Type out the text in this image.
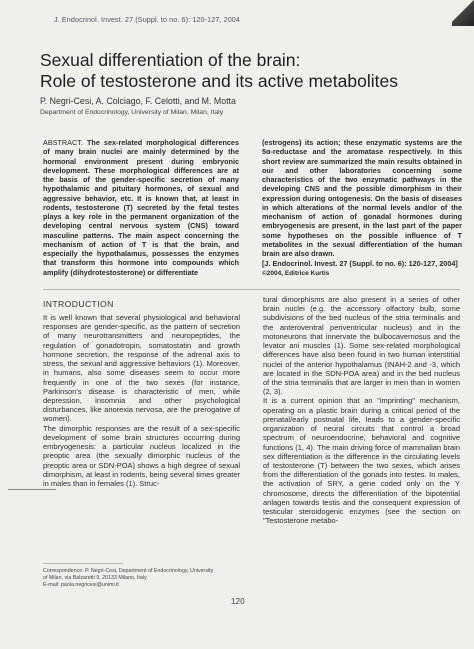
J. Endocrinol. Invest. 27 (Suppl. to no. 6): 120-127, 2004
Sexual differentiation of the brain:
Role of testosterone and its active metabolites
P. Negri-Cesi, A. Colciago, F. Celotti, and M. Motta
Department of Endocrinology, University of Milan, Milan, Italy
ABSTRACT. The sex-related morphological differences of many brain nuclei are mainly determined by the hormonal environment present during embryonic development. These morphological differences are at the basis of the gender-specific secretion of many hypothalamic and pituitary hormones, of sexual and aggressive behavior, etc. It is known that, at least in rodents, testosterone (T) secreted by the fetal testes plays a key role in the permanent organization of the developing central nervous system (CNS) toward masculine patterns. The main aspect concerning the mechanism of action of T is that the brain, and especially the hypothalamus, possesses the enzymes that transform this hormone into compounds which amplify (dihydrotestosterone) or differentiate
(estrogens) its action; these enzymatic systems are the 5α-reductase and the aromatase respectively. In this short review are summarized the main results obtained in our and other laboratories concerning some characteristics of the two enzymatic pathways in the developing CNS and the possible dimorphism in their expression during ontogenesis. On the basis of diseases in which alterations of the normal levels and/or of the mechanism of action of gonadal hormones during embryogenesis are present, in the last part of the paper some hypotheses on the possible influence of T metabolites in the sexual differentiation of the human brain are also drawn.
[J. Endocrinol. Invest. 27 (Suppl. to no. 6): 120-127, 2004]
©2004, Editrice Kurtis
INTRODUCTION

It is well known that several physiological and behavioral responses are gender-specific, as the pattern of secretion of many neurotransmitters and neuropeptides, the regulation of gonadotropin, somatostatin and growth hormone secretion, the response of the adrenal axis to stress, the sexual and aggressive behaviors (1). Moreover, in humans, also some diseases seem to occur more frequently in one of the two sexes (for instance, Parkinson's disease is characteristic of men, while depression, insomnia and other psychological disturbances, like anorexia nervosa, are the prerogative of women).

The dimorphic responses are the result of a sex-specific development of some brain structures occurring during embryogenesis: a particular nucleus localized in the preoptic area (the sexually dimorphic nucleus of the preoptic area or SDN-POA) shows a high degree of sexual dimorphism, at least in rodents, being several times greater in males than in females (1). Struc-

tural dimorphisms are also present in a series of other brain nuclei (e.g. the accessory olfactory bulb, some subdivisions of the bed nucleus of the stria terminalis and the anteroventral periventricular nucleus) and in the motoneurons that innervate the bulbocavernosus and the levator ani muscles (1). Some sex-related morphological differences have also been found in two human interstitial nuclei of the anterior hypothalamus (INAH-2 and -3, which are located in the SDN-POA area) and in the bed nucleus of the stria terminalis that are larger in men than in women (2, 3).

It is a current opinion that an "imprinting" mechanism, operating on a plastic brain during a critical period of the prenatal/early postnatal life, leads to a gender-specific organization of neural circuits that control a broad spectrum of neuroendocrine, behavioral and cognitive functions (1, 4). The main driving force of mammalian brain sex differentiation is the difference in the circulating levels of testosterone (T) between the two sexes, which arises from the differentiation of the gonads into testes. In males, the activation of SRY, a gene coded only on the Y chromosome, directs the differentiation of the bipotential anlagen towards testis and the consequent expression of testicular steroidogenic enzymes (see the section on "Testosterone metabo-

Correspondence: P. Negri-Cesi, Department of Endocrinology, University
of Milan, via Balzaretti 9, 20133 Milano, Italy.
E-mail: paola.negricesi@unimi.it
120
